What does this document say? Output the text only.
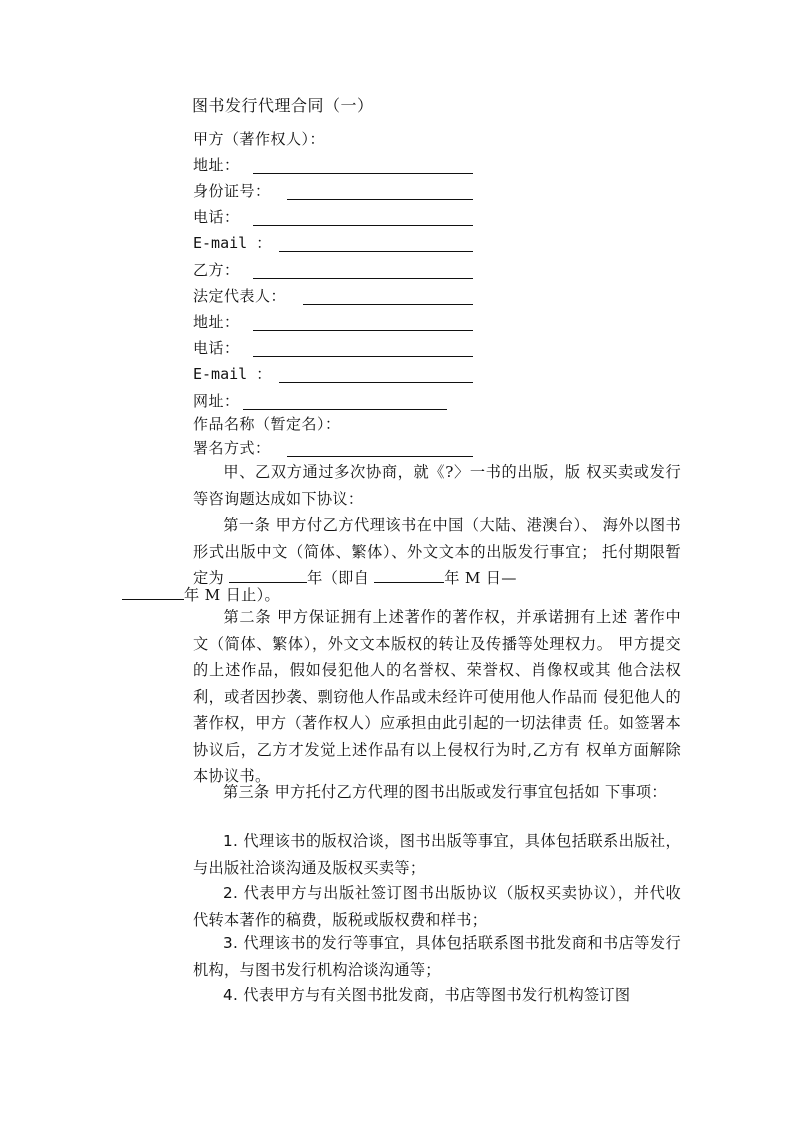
图书发行代理合同（一）
甲方（著作权人）：
地址：
身份证号：
电话：
E-mail ：
乙方：
法定代表人：
地址：
电话：
E-mail ：
网址：
作品名称（暂定名）：
署名方式：
甲、乙双方通过多次协商，就《?〉一书的出版，版 权买卖或发行等咨询题达成如下协议：
第一条 甲方付乙方代理该书在中国（大陆、港澳台）、 海外以图书形式出版中文（简体、繁体）、外文文本的出版发行事宜； 托付期限暂定为	年（即自	年 M 日—
年 M 日止）。
第二条 甲方保证拥有上述著作的著作权，并承诺拥有上述 著作中文（简体、繁体），外文文本版权的转让及传播等处理权力。 甲方提交的上述作品，假如侵犯他人的名誉权、荣誉权、肖像权或其 他合法权利，或者因抄袭、剽窃他人作品或未经许可使用他人作品而 侵犯他人的著作权，甲方（著作权人）应承担由此引起的一切法律责 任。如签署本协议后，乙方才发觉上述作品有以上侵权行为时,乙方有 权单方面解除本协议书。
第三条 甲方托付乙方代理的图书出版或发行事宜包括如 下事项：
1. 代理该书的版权洽谈，图书出版等事宜，具体包括联系出版社，与出版社洽谈沟通及版权买卖等；
2. 代表甲方与出版社签订图书出版协议（版权买卖协议），并代收代转本著作的稿费，版税或版权费和样书；
3. 代理该书的发行等事宜，具体包括联系图书批发商和书店等发行机构，与图书发行机构洽谈沟通等；
4. 代表甲方与有关图书批发商，书店等图书发行机构签订图
